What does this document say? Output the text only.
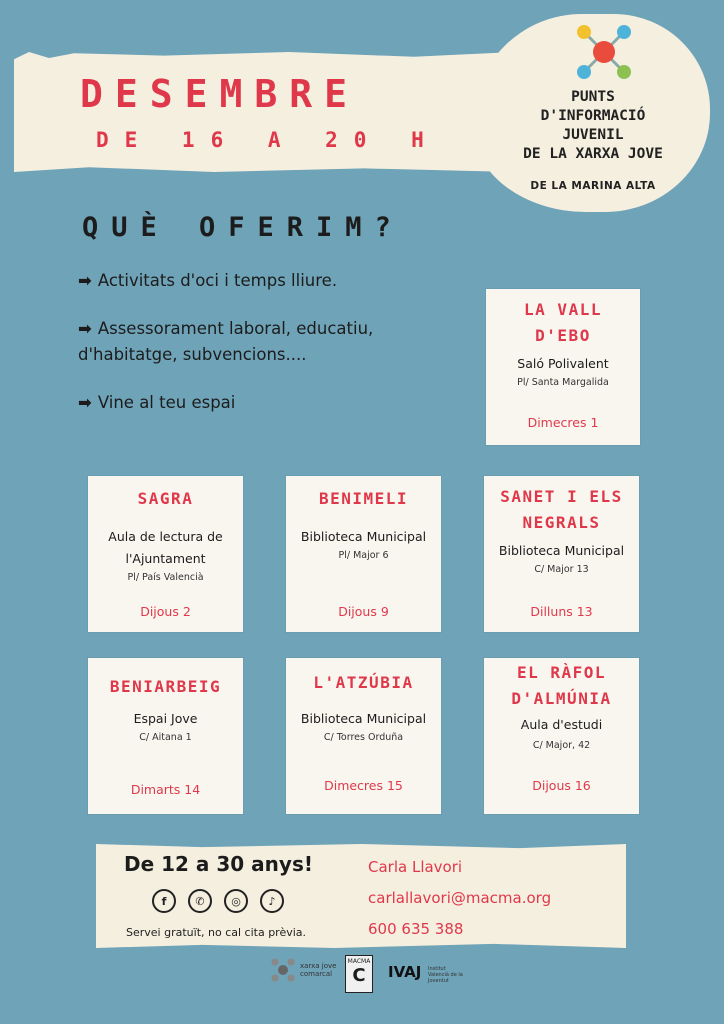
DESEMBRE
DE 16 A 20 H
PUNTS
D'INFORMACIÓ
JUVENIL
DE LA XARXA JOVE
DE LA MARINA ALTA
QUÈ OFERIM?
➡ Activitats d'oci i temps lliure.
➡ Assessorament laboral, educatiu, d'habitatge, subvencions....
➡ Vine al teu espai
LA VALL D'EBO
Saló Polivalent
Pl/ Santa Margalida
Dimecres 1
SAGRA
Aula de lectura de l'Ajuntament
Pl/ País Valencià
Dijous 2
BENIMELI
Biblioteca Municipal
Pl/ Major 6
Dijous 9
SANET I ELS NEGRALS
Biblioteca Municipal
C/ Major 13
Dilluns 13
BENIARBEIG
Espai Jove
C/ Aitana 1
Dimarts 14
L'ATZÚBIA
Biblioteca Municipal
C/ Torres Orduña
Dimecres 15
EL RÀFOL D'ALMÚNIA
Aula d'estudi
C/ Major, 42
Dijous 16
De 12 a 30 anys!
f	✆	◎	♪
Servei gratuït, no cal cita prèvia.
Carla Llavori
carlallavori@macma.org
600 635 388
xarxa jove comarcal
MACMA
C	IVAJ Institut Valencià de la Joventut
